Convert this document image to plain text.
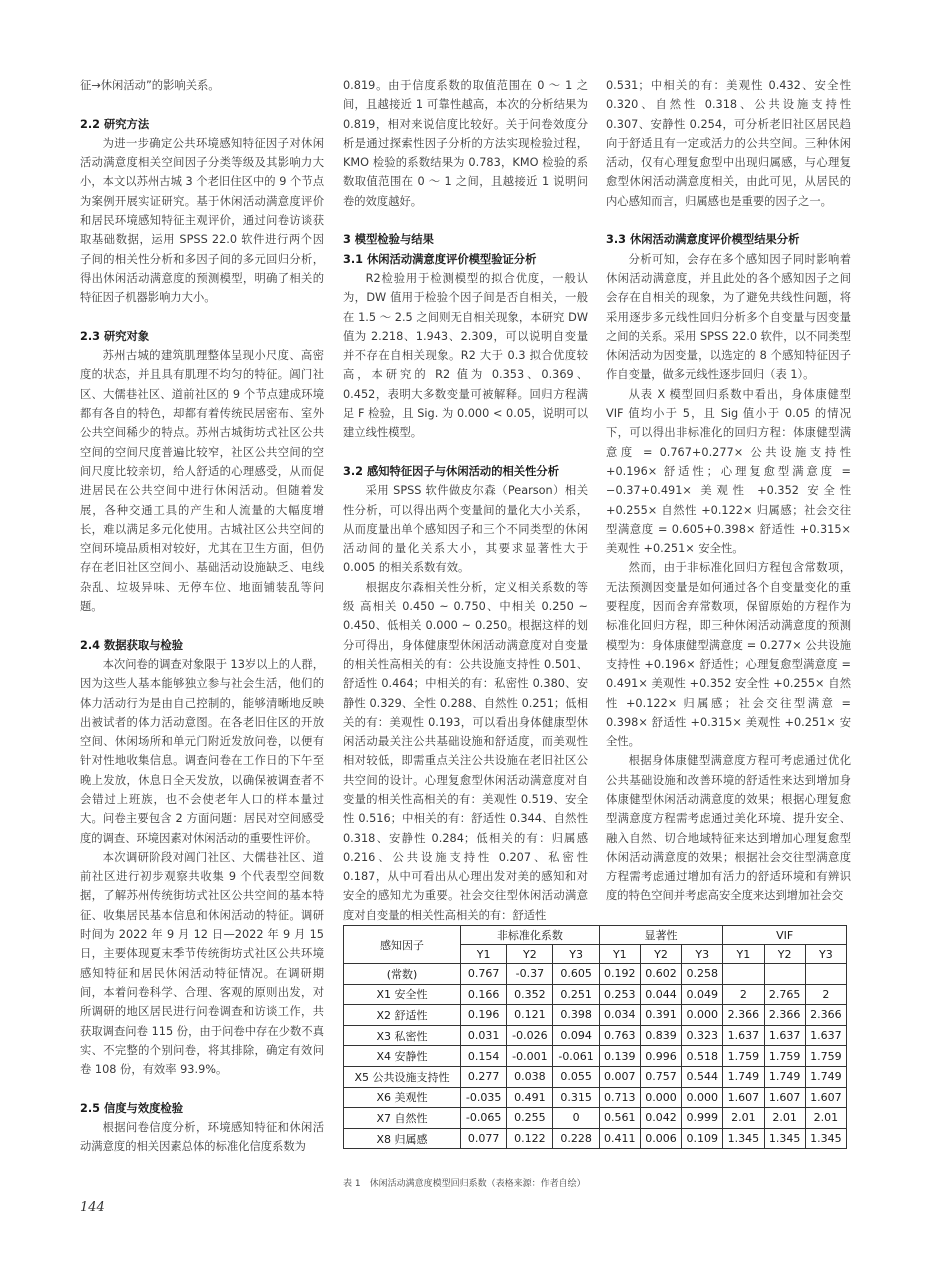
征→休闲活动”的影响关系。

2.2 研究方法

为进一步确定公共环境感知特征因子对休闲活动满意度相关空间因子分类等级及其影响力大小，本文以苏州古城 3 个老旧住区中的 9 个节点为案例开展实证研究。基于休闲活动满意度评价和居民环境感知特征主观评价，通过问卷访谈获取基础数据，运用 SPSS 22.0 软件进行两个因子间的相关性分析和多因子间的多元回归分析，得出休闲活动满意度的预测模型，明确了相关的特征因子机器影响力大小。

2.3 研究对象

苏州古城的建筑肌理整体呈现小尺度、高密度的状态，并且具有肌理不均匀的特征。阊门社区、大儒巷社区、道前社区的 9 个节点建成环境都有各自的特色，却都有着传统民居密布、室外公共空间稀少的特点。苏州古城街坊式社区公共空间的空间尺度普遍比较窄，社区公共空间的空间尺度比较亲切，给人舒适的心理感受，从而促进居民在公共空间中进行休闲活动。但随着发展，各种交通工具的产生和人流量的大幅度增长，难以满足多元化使用。古城社区公共空间的空间环境品质相对较好，尤其在卫生方面，但仍存在老旧社区空间小、基础活动设施缺乏、电线杂乱、垃圾异味、无停车位、地面铺装乱等问题。

2.4 数据获取与检验

本次问卷的调查对象限于 13岁以上的人群，因为这些人基本能够独立参与社会生活，他们的体力活动行为是由自己控制的，能够清晰地反映出被试者的体力活动意图。在各老旧住区的开放空间、休闲场所和单元门附近发放问卷，以便有针对性地收集信息。调查问卷在工作日的下午至晚上发放，休息日全天发放，以确保被调查者不会错过上班族，也不会使老年人口的样本量过大。问卷主要包含 2 方面问题：居民对空间感受度的调查、环境因素对休闲活动的重要性评价。

本次调研阶段对阊门社区、大儒巷社区、道前社区进行初步观察共收集 9 个代表型空间数据，了解苏州传统街坊式社区公共空间的基本特征、收集居民基本信息和休闲活动的特征。调研时间为 2022 年 9 月 12 日—2022 年 9 月 15 日，主要体现夏末季节传统街坊式社区公共环境感知特征和居民休闲活动特征情况。在调研期间，本着问卷科学、合理、客观的原则出发，对所调研的地区居民进行问卷调查和访谈工作，共获取调查问卷 115 份，由于问卷中存在少数不真实、不完整的个别问卷，将其排除，确定有效问卷 108 份，有效率 93.9%。

2.5 信度与效度检验

根据问卷信度分析，环境感知特征和休闲活动满意度的相关因素总体的标准化信度系数为

0.819。由于信度系数的取值范围在 0 ～ 1 之间，且越接近 1 可靠性越高，本次的分析结果为 0.819，相对来说信度比较好。关于问卷效度分析是通过探索性因子分析的方法实现检验过程，KMO 检验的系数结果为 0.783，KMO 检验的系数取值范围在 0 ～ 1 之间，且越接近 1 说明问卷的效度越好。

3 模型检验与结果
3.1 休闲活动满意度评价模型验证分析

R2检验用于检测模型的拟合优度，一般认为，DW 值用于检验个因子间是否自相关，一般在 1.5 ～ 2.5 之间则无自相关现象，本研究 DW 值为 2.218、1.943、2.309，可以说明自变量并不存在自相关现象。R2 大于 0.3 拟合优度较高，本研究的 R2 值为 0.353、0.369、0.452，表明大多数变量可被解释。回归方程满足 F 检验，且 Sig. 为 0.000 < 0.05，说明可以建立线性模型。

3.2 感知特征因子与休闲活动的相关性分析

采用 SPSS 软件做皮尔森（Pearson）相关性分析，可以得出两个变量间的量化大小关系，从而度量出单个感知因子和三个不同类型的休闲活动间的量化关系大小，其要求显著性大于 0.005 的相关系数有效。

根据皮尔森相关性分析，定义相关系数的等级 高相关 0.450 ~ 0.750、中相关 0.250 ~ 0.450、低相关 0.000 ~ 0.250。根据这样的划分可得出，身体健康型休闲活动满意度对自变量的相关性高相关的有：公共设施支持性 0.501、舒适性 0.464；中相关的有：私密性 0.380、安静性 0.329、全性 0.288、自然性 0.251；低相关的有：美观性 0.193，可以看出身体健康型休闲活动最关注公共基础设施和舒适度，而美观性相对较低，即需重点关注公共设施在老旧社区公共空间的设计。心理复愈型休闲活动满意度对自变量的相关性高相关的有：美观性 0.519、安全性 0.516；中相关的有：舒适性 0.344、自然性 0.318、安静性 0.284；低相关的有：归属感 0.216、公共设施支持性 0.207、私密性 0.187，从中可看出从心理出发对美的感知和对安全的感知尤为重要。社会交往型休闲活动满意度对自变量的相关性高相关的有：舒适性

0.531；中相关的有：美观性 0.432、安全性 0.320、自然性 0.318、公共设施支持性 0.307、安静性 0.254，可分析老旧社区居民趋向于舒适且有一定或活力的公共空间。三种休闲活动，仅有心理复愈型中出现归属感，与心理复愈型休闲活动满意度相关，由此可见，从居民的内心感知而言，归属感也是重要的因子之一。

3.3 休闲活动满意度评价模型结果分析

分析可知，会存在多个感知因子同时影响着休闲活动满意度，并且此处的各个感知因子之间会存在自相关的现象，为了避免共线性问题，将采用逐步多元线性回归分析多个自变量与因变量之间的关系。采用 SPSS 22.0 软件，以不同类型休闲活动为因变量，以选定的 8 个感知特征因子作自变量，做多元线性逐步回归（表 1）。

从表 X 模型回归系数中看出，身体康健型 VIF 值均小于 5，且 Sig 值小于 0.05 的情况下，可以得出非标准化的回归方程：体康健型满意度 = 0.767+0.277× 公共设施支持性 +0.196× 舒适性；心理复愈型满意度 = −0.37+0.491× 美观性 +0.352 安全性 +0.255× 自然性 +0.122× 归属感；社会交往型满意度 = 0.605+0.398× 舒适性 +0.315× 美观性 +0.251× 安全性。

然而，由于非标准化回归方程包含常数项，无法预测因变量是如何通过各个自变量变化的重要程度，因而舍弃常数项，保留原始的方程作为标准化回归方程，即三种休闲活动满意度的预测模型为：身体康健型满意度 = 0.277× 公共设施支持性 +0.196× 舒适性；心理复愈型满意度 = 0.491× 美观性 +0.352 安全性 +0.255× 自然性 +0.122× 归属感；社会交往型满意 = 0.398× 舒适性 +0.315× 美观性 +0.251× 安全性。

根据身体康健型满意度方程可考虑通过优化公共基础设施和改善环境的舒适性来达到增加身体康健型休闲活动满意度的效果；根据心理复愈型满意度方程需考虑通过美化环境、提升安全、融入自然、切合地域特征来达到增加心理复愈型休闲活动满意度的效果；根据社会交往型满意度方程需考虑通过增加有活力的舒适环境和有辨识度的特色空间并考虑高安全度来达到增加社会交

感知因子	非标准化系数			显著性			VIF		
	Y1	Y2	Y3	Y1	Y2	Y3	Y1	Y2	Y3
(常数)	0.767	-0.37	0.605	0.192	0.602	0.258			
X1 安全性	0.166	0.352	0.251	0.253	0.044	0.049	2	2.765	2
X2 舒适性	0.196	0.121	0.398	0.034	0.391	0.000	2.366	2.366	2.366
X3 私密性	0.031	-0.026	0.094	0.763	0.839	0.323	1.637	1.637	1.637
X4 安静性	0.154	-0.001	-0.061	0.139	0.996	0.518	1.759	1.759	1.759
X5 公共设施支持性	0.277	0.038	0.055	0.007	0.757	0.544	1.749	1.749	1.749
X6 美观性	-0.035	0.491	0.315	0.713	0.000	0.000	1.607	1.607	1.607
X7 自然性	-0.065	0.255	0	0.561	0.042	0.999	2.01	2.01	2.01
X8 归属感	0.077	0.122	0.228	0.411	0.006	0.109	1.345	1.345	1.345
表 1　休闲活动满意度模型回归系数（表格来源：作者自绘）
144
